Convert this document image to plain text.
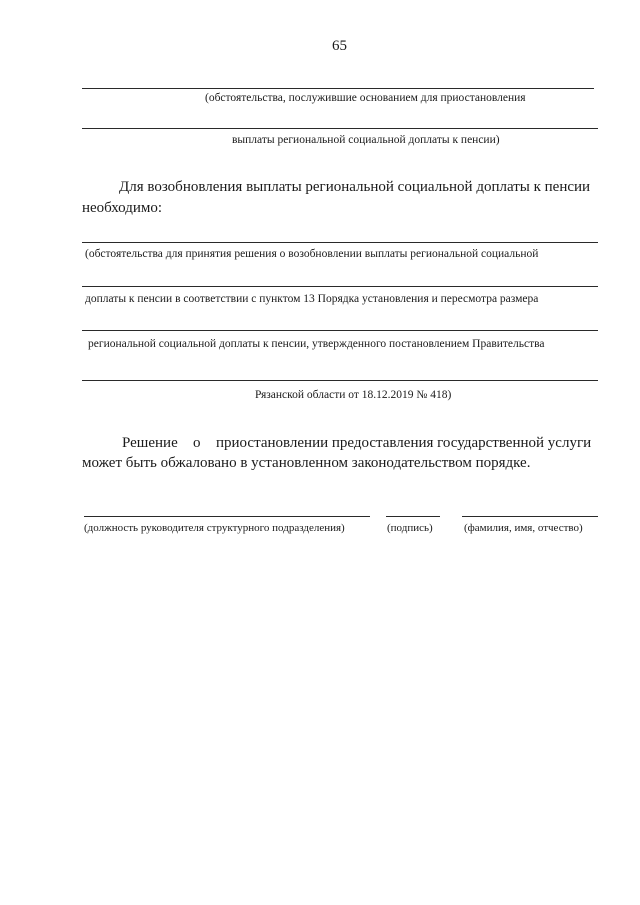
65
(обстоятельства, послужившие основанием для приостановления
выплаты региональной социальной доплаты к пенсии)
Для возобновления выплаты региональной социальной доплаты к пенсии
необходимо:
(обстоятельства для принятия решения о возобновлении выплаты региональной социальной
доплаты к пенсии в соответствии с пунктом 13 Порядка установления и пересмотра размера
региональной социальной доплаты к пенсии, утвержденного постановлением Правительства
Рязанской области от 18.12.2019 № 418)
Решение о приостановлении предоставления государственной услуги
может быть обжаловано в установленном законодательством порядке.
(должность руководителя структурного подразделения)	(подпись)	(фамилия, имя, отчество)
